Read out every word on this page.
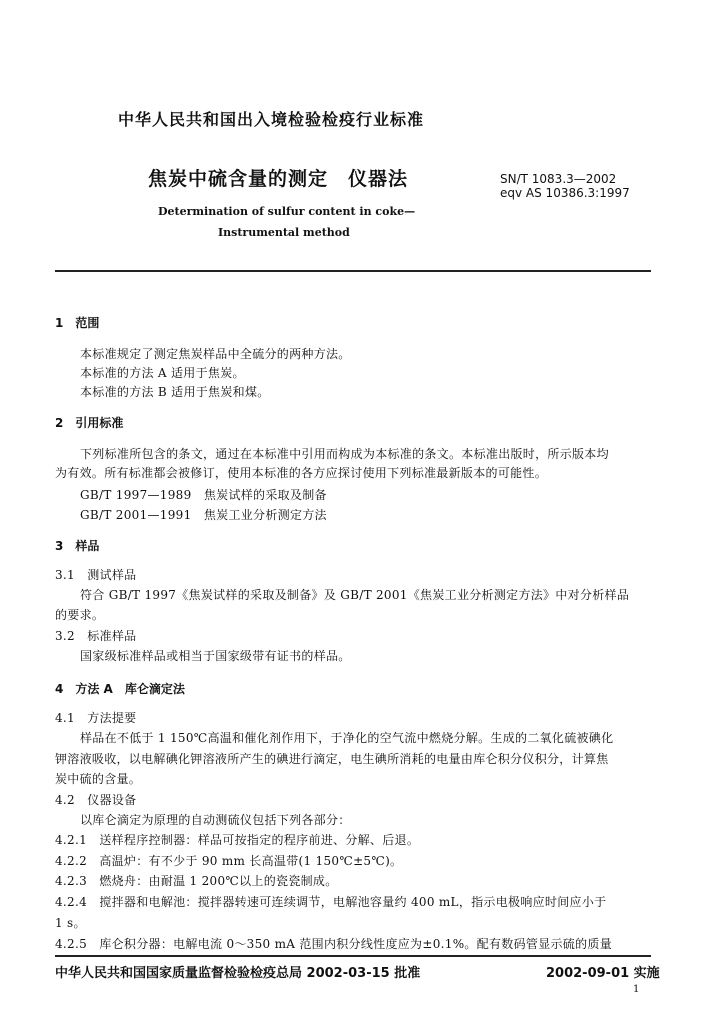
中华人民共和国出入境检验检疫行业标准
焦炭中硫含量的测定　仪器法	SN/T 1083.3—2002
eqv AS 10386.3:1997
Determination of sulfur content in coke—
Instrumental method
1　范围
本标准规定了测定焦炭样品中全硫分的两种方法。
本标准的方法 A 适用于焦炭。
本标准的方法 B 适用于焦炭和煤。
2　引用标准
下列标准所包含的条文，通过在本标准中引用而构成为本标准的条文。本标准出版时，所示版本均
为有效。所有标准都会被修订，使用本标准的各方应探讨使用下列标准最新版本的可能性。
GB/T 1997—1989　焦炭试样的采取及制备
GB/T 2001—1991　焦炭工业分析测定方法
3　样品
3.1　测试样品
符合 GB/T 1997《焦炭试样的采取及制备》及 GB/T 2001《焦炭工业分析测定方法》中对分析样品
的要求。
3.2　标准样品
国家级标准样品或相当于国家级带有证书的样品。
4　方法 A　库仑滴定法
4.1　方法提要
样品在不低于 1 150℃高温和催化剂作用下，于净化的空气流中燃烧分解。生成的二氧化硫被碘化
钾溶液吸收，以电解碘化钾溶液所产生的碘进行滴定，电生碘所消耗的电量由库仑积分仪积分，计算焦
炭中硫的含量。
4.2　仪器设备
以库仑滴定为原理的自动测硫仪包括下列各部分：
4.2.1　送样程序控制器：样品可按指定的程序前进、分解、后退。
4.2.2　高温炉：有不少于 90 mm 长高温带(1 150℃±5℃)。
4.2.3　燃烧舟：由耐温 1 200℃以上的瓷瓷制成。
4.2.4　搅拌器和电解池：搅拌器转速可连续调节，电解池容量约 400 mL，指示电极响应时间应小于
1 s。
4.2.5　库仑积分器：电解电流 0～350 mA 范围内积分线性度应为±0.1%。配有数码管显示硫的质量
中华人民共和国国家质量监督检验检疫总局 2002-03-15 批准	2002-09-01 实施
1
